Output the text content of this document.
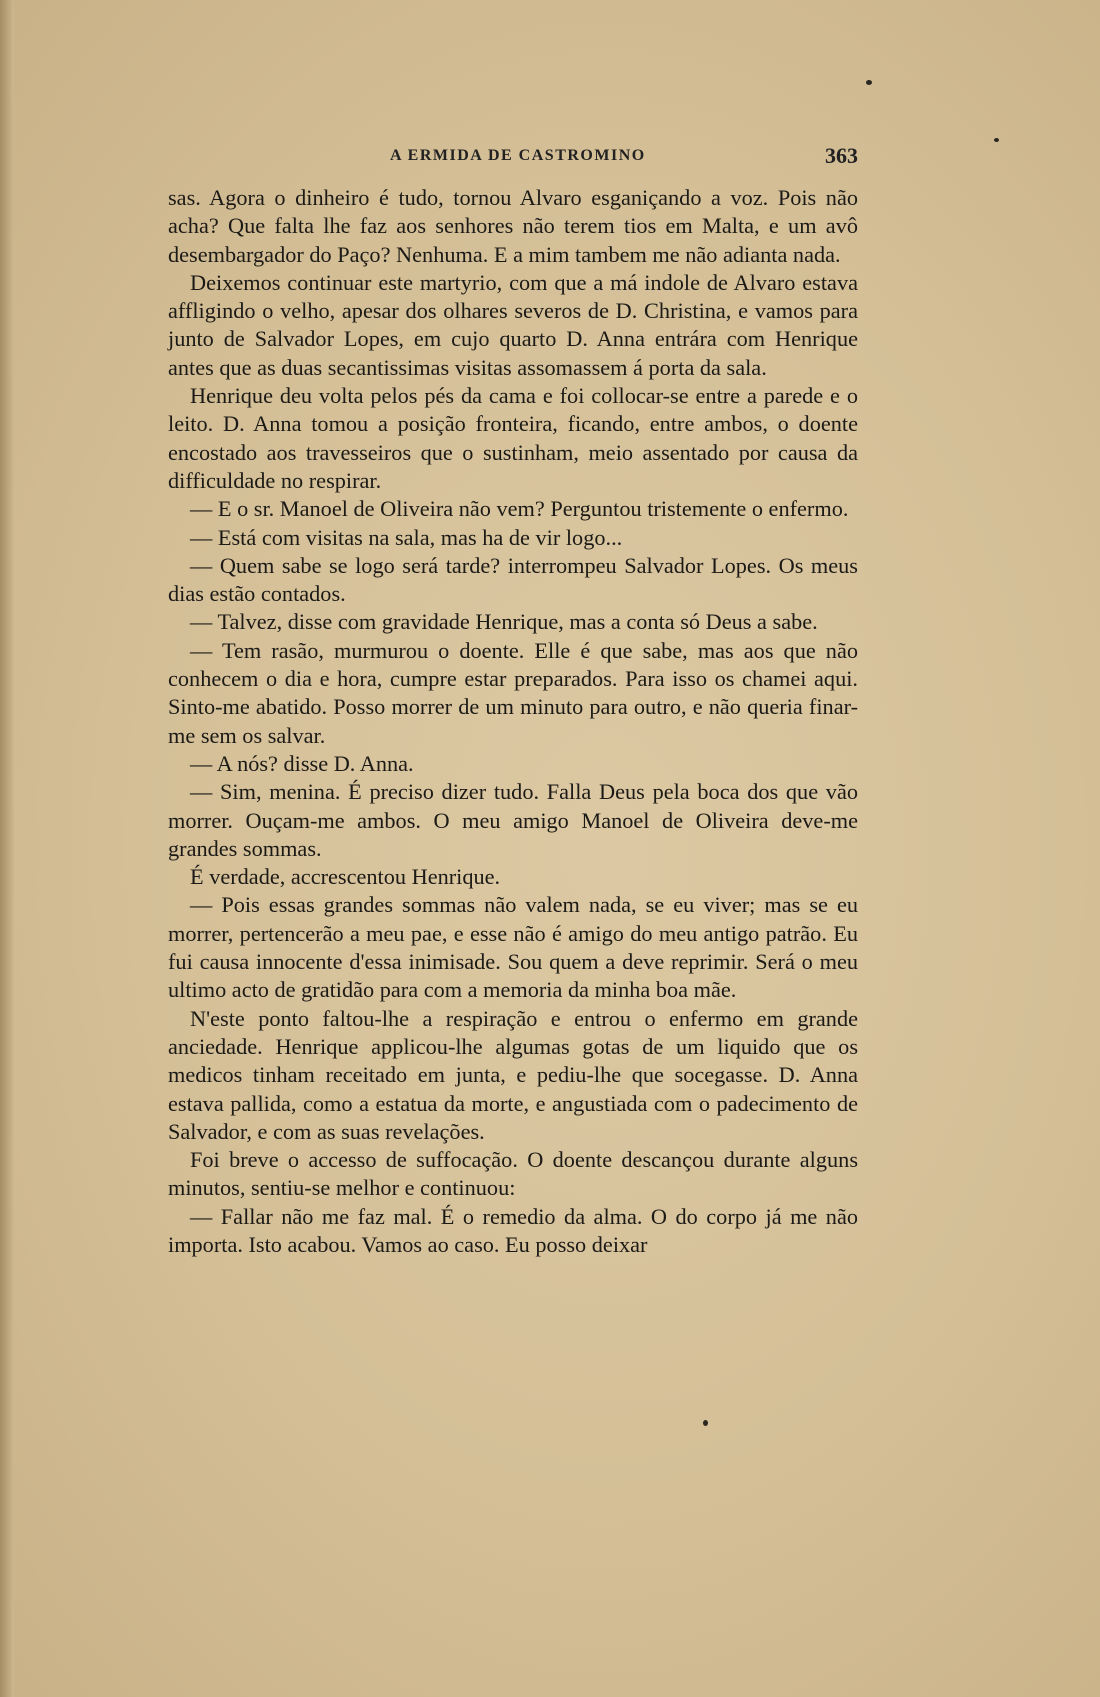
A ERMIDA DE CASTROMINO	363

sas. Agora o dinheiro é tudo, tornou Alvaro esganiçando a voz. Pois não acha? Que falta lhe faz aos senhores não terem tios em Malta, e um avô desembargador do Paço? Nenhuma. E a mim tambem me não adianta nada.

Deixemos continuar este martyrio, com que a má indole de Alvaro estava affligindo o velho, apesar dos olhares severos de D. Christina, e vamos para junto de Salvador Lopes, em cujo quarto D. Anna entrára com Henrique antes que as duas secantissimas visitas assomassem á porta da sala.

Henrique deu volta pelos pés da cama e foi collocar-se entre a parede e o leito. D. Anna tomou a posição fronteira, ficando, entre ambos, o doente encostado aos travesseiros que o sustinham, meio assentado por causa da difficuldade no respirar.

— E o sr. Manoel de Oliveira não vem? Perguntou tristemente o enfermo.

— Está com visitas na sala, mas ha de vir logo...

— Quem sabe se logo será tarde? interrompeu Salvador Lopes. Os meus dias estão contados.

— Talvez, disse com gravidade Henrique, mas a conta só Deus a sabe.

— Tem rasão, murmurou o doente. Elle é que sabe, mas aos que não conhecem o dia e hora, cumpre estar preparados. Para isso os chamei aqui. Sinto-me abatido. Posso morrer de um minuto para outro, e não queria finar-me sem os salvar.

— A nós? disse D. Anna.

— Sim, menina. É preciso dizer tudo. Falla Deus pela boca dos que vão morrer. Ouçam-me ambos. O meu amigo Manoel de Oliveira deve-me grandes sommas.

É verdade, accrescentou Henrique.

— Pois essas grandes sommas não valem nada, se eu viver; mas se eu morrer, pertencerão a meu pae, e esse não é amigo do meu antigo patrão. Eu fui causa innocente d'essa inimisade. Sou quem a deve reprimir. Será o meu ultimo acto de gratidão para com a memoria da minha boa mãe.

N'este ponto faltou-lhe a respiração e entrou o enfermo em grande anciedade. Henrique applicou-lhe algumas gotas de um liquido que os medicos tinham receitado em junta, e pediu-lhe que socegasse. D. Anna estava pallida, como a estatua da morte, e angustiada com o padecimento de Salvador, e com as suas revelações.

Foi breve o accesso de suffocação. O doente descançou durante alguns minutos, sentiu-se melhor e continuou:

— Fallar não me faz mal. É o remedio da alma. O do corpo já me não importa. Isto acabou. Vamos ao caso. Eu posso deixar
